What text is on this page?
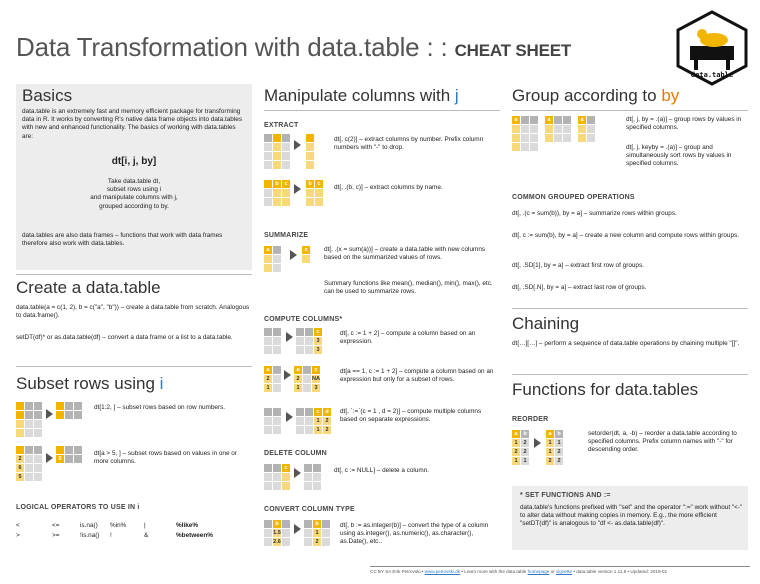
Data Transformation with data.table : : CHEAT SHEET
data.table
Basics
data.table is an extremely fast and memory efficient package for transforming data in R. It works by converting R's native data frame objects into data.tables with new and enhanced functionality. The basics of working with data.tables are:
dt[i, j, by]
Take data.table dt,
subset rows using i
and manipulate columns with j,
grouped according to by.
data.tables are also data frames – functions that work with data frames therefore also work with data.tables.
Create a data.table
data.table(a = c(1, 2), b = c("a", "b")) – create a data.table from scratch. Analogous to data.frame().
setDT(df)* or as.data.table(df) – convert a data frame or a list to a data.table.
Subset rows using i
dt[1:2, ] – subset rows based on row numbers.
2
6
5
6
dt[a > 5, ] – subset rows based on values in one or more columns.
LOGICAL OPERATORS TO USE IN i
<	<=	is.na() %in%	|	%like%
>	>=	!is.na() !	&	%between%
Manipulate columns with j
EXTRACT
dt[, c(2)] – extract columns by number. Prefix column numbers with "-" to drop.
b c	b c	dt[, .(b, c)] – extract columns by name.
SUMMARIZE
a	x	dt[, .(x = sum(a))] – create a data.table with new columns based on the summarized values of rows.
Summary functions like mean(), median(), min(), max(), etc. can be used to summarize rows.
COMPUTE COLUMNS*
c
3
3
dt[, c := 1 + 2] – compute a column based on an expression.
a
2
1
a	c
2 NA
1	3
dt[a == 1, c := 1 + 2] – compute a column based on an expression but only for a subset of rows.
c d
1 2
1 2
dt[, `:=`(c = 1 , d = 2)] – compute multiple columns based on separate expressions.
DELETE COLUMN
c	dt[, c := NULL] – delete a column.
CONVERT COLUMN TYPE
b
1.5
2.6
b
1
2
dt[, b := as.integer(b)] – convert the type of a column using as.integer(), as.numeric(), as.character(), as.Date(), etc..
Group according to by
a	a	a	dt[, j, by = .(a)] – group rows by values in specified columns.
dt[, j, keyby = .(a)] – group and simultaneously sort rows by values in specified columns.
COMMON GROUPED OPERATIONS
dt[, .(c = sum(b)), by = a] – summarize rows within groups.
dt[, c := sum(b), by = a] – create a new column and compute rows within groups.
dt[, .SD[1], by = a] – extract first row of groups.
dt[, .SD[.N], by = a] – extract last row of groups.
Chaining
dt[…][…] – perform a sequence of data.table operations by chaining multiple "[]".
Functions for data.tables
REORDER
a b
1 2
2 2
1 1
a b
1 1
1 2
2 2
setorder(dt, a, -b) – reorder a data.table according to specified columns. Prefix column names with "-" for descending order.
* SET FUNCTIONS AND :=
data.table's functions prefixed with "set" and the operator ":=" work without "<-" to alter data without making copies in memory. E.g., the more efficient "setDT(df)" is analogous to "df <- as.data.table(df)".
CC BY SA Erik Petrovski • www.petrovski.dk • Learn more with the data.table homepage or vignette • data.table version 1.11.8 • Updated: 2019-01
